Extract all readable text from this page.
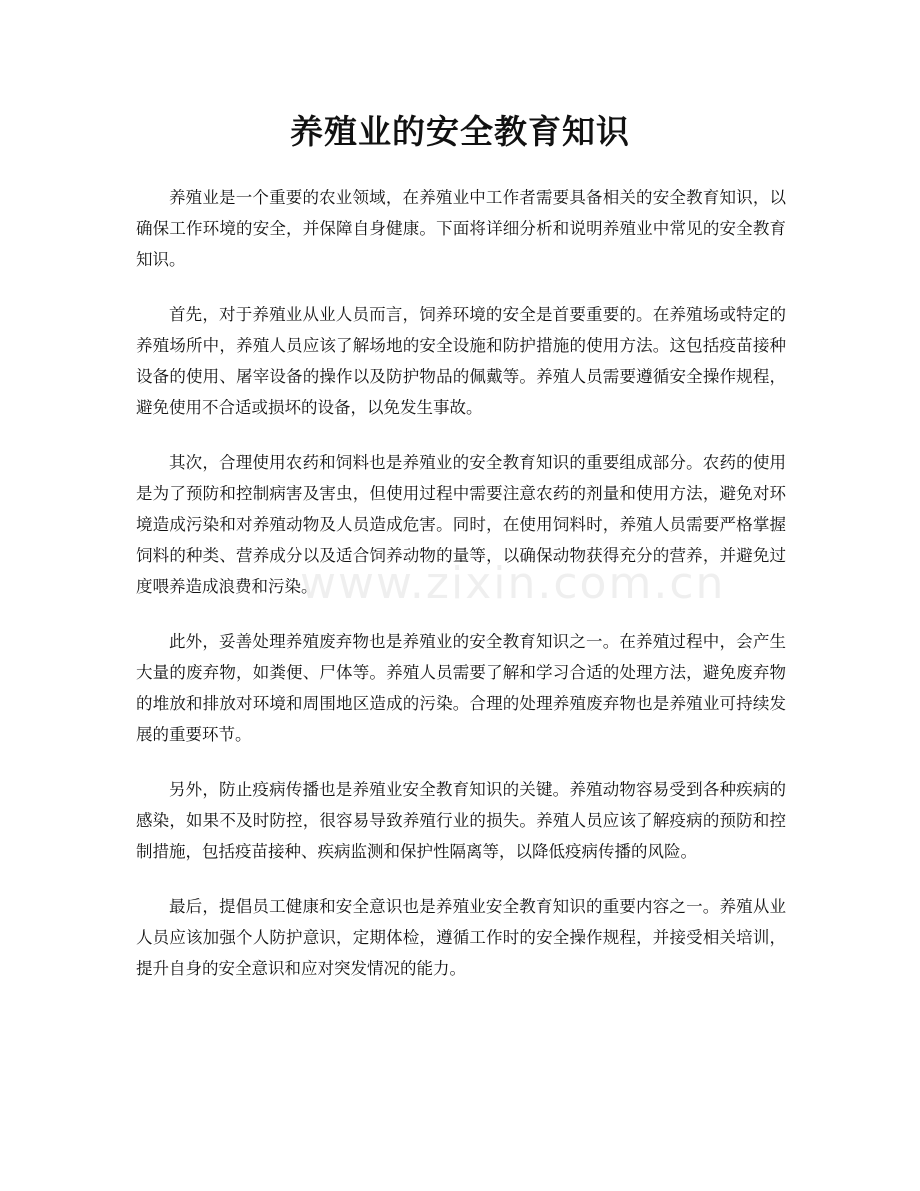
养殖业的安全教育知识

养殖业是一个重要的农业领域，在养殖业中工作者需要具备相关的安全教育知识，以确保工作环境的安全，并保障自身健康。下面将详细分析和说明养殖业中常见的安全教育知识。

首先，对于养殖业从业人员而言，饲养环境的安全是首要重要的。在养殖场或特定的养殖场所中，养殖人员应该了解场地的安全设施和防护措施的使用方法。这包括疫苗接种设备的使用、屠宰设备的操作以及防护物品的佩戴等。养殖人员需要遵循安全操作规程，避免使用不合适或损坏的设备，以免发生事故。

其次，合理使用农药和饲料也是养殖业的安全教育知识的重要组成部分。农药的使用是为了预防和控制病害及害虫，但使用过程中需要注意农药的剂量和使用方法，避免对环境造成污染和对养殖动物及人员造成危害。同时，在使用饲料时，养殖人员需要严格掌握饲料的种类、营养成分以及适合饲养动物的量等，以确保动物获得充分的营养，并避免过度喂养造成浪费和污染。

此外，妥善处理养殖废弃物也是养殖业的安全教育知识之一。在养殖过程中，会产生大量的废弃物，如粪便、尸体等。养殖人员需要了解和学习合适的处理方法，避免废弃物的堆放和排放对环境和周围地区造成的污染。合理的处理养殖废弃物也是养殖业可持续发展的重要环节。

另外，防止疫病传播也是养殖业安全教育知识的关键。养殖动物容易受到各种疾病的感染，如果不及时防控，很容易导致养殖行业的损失。养殖人员应该了解疫病的预防和控制措施，包括疫苗接种、疾病监测和保护性隔离等，以降低疫病传播的风险。

最后，提倡员工健康和安全意识也是养殖业安全教育知识的重要内容之一。养殖从业人员应该加强个人防护意识，定期体检，遵循工作时的安全操作规程，并接受相关培训，提升自身的安全意识和应对突发情况的能力。

www.zixin.com.cn
